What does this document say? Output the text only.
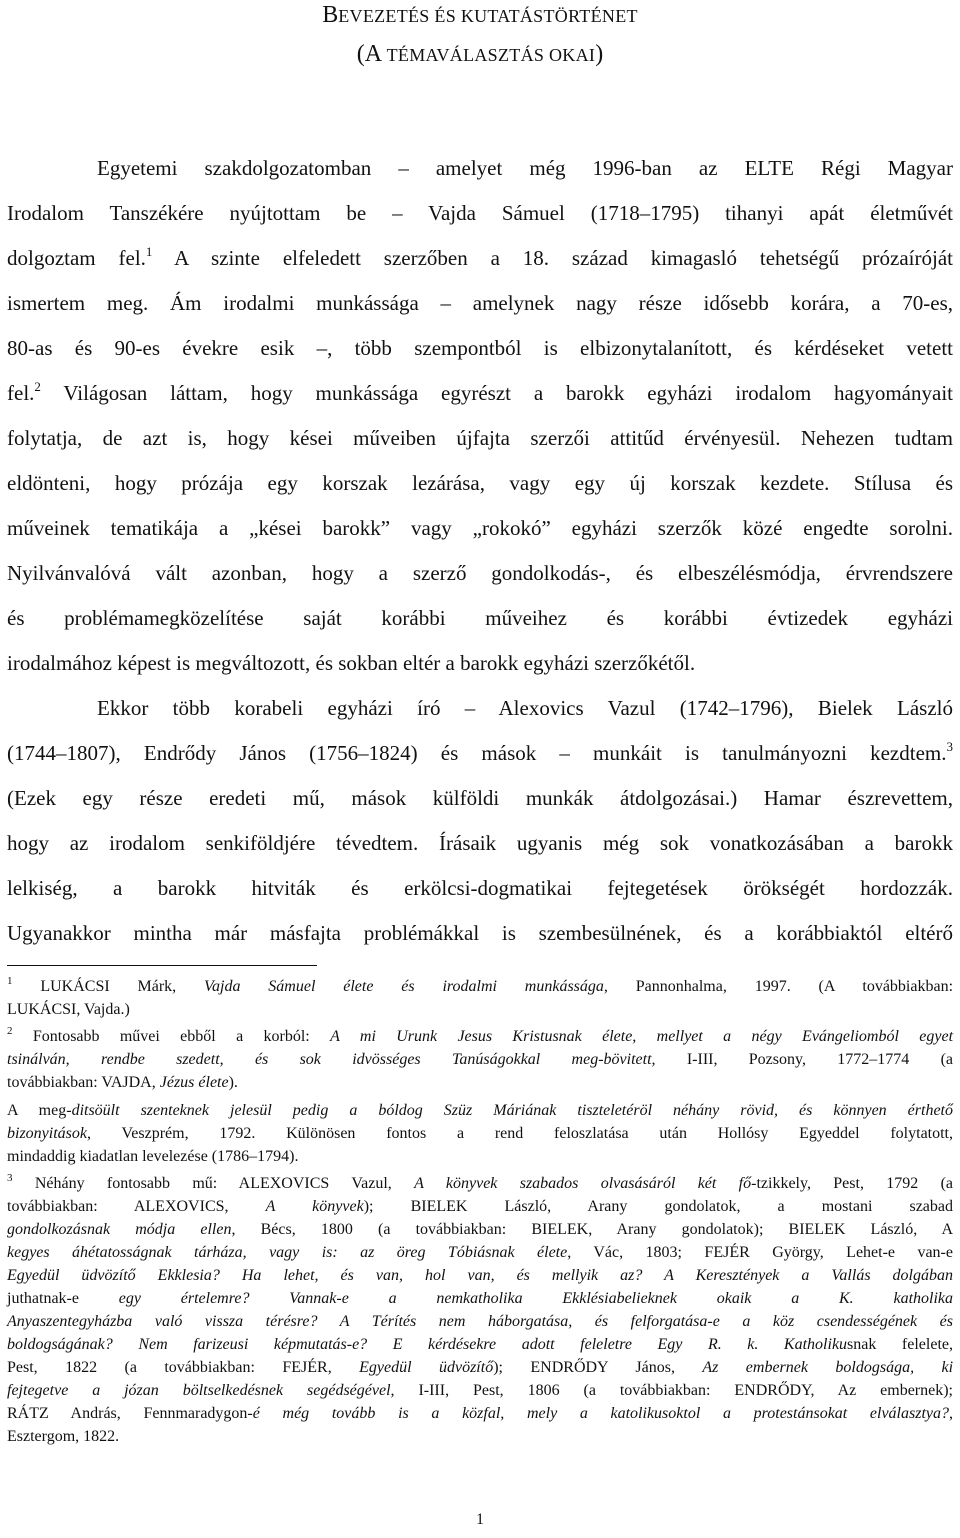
BEVEZETÉS ÉS KUTATÁSTÖRTÉNET
(A TÉMAVÁLASZTÁS OKAI)
Egyetemi szakdolgozatomban – amelyet még 1996-ban az ELTE Régi Magyar
Irodalom Tanszékére nyújtottam be – Vajda Sámuel (1718–1795) tihanyi apát életművét
dolgoztam fel.$^1$ A szinte elfeledett szerzőben a 18. század kimagasló tehetségű prózaíróját
ismertem meg. Ám irodalmi munkássága – amelynek nagy része idősebb korára, a 70-es,
80-as és 90-es évekre esik –, több szempontból is elbizonytalanított, és kérdéseket vetett
fel.$^2$ Világosan láttam, hogy munkássága egyrészt a barokk egyházi irodalom hagyományait
folytatja, de azt is, hogy kései műveiben újfajta szerzői attitűd érvényesül. Nehezen tudtam
eldönteni, hogy prózája egy korszak lezárása, vagy egy új korszak kezdete. Stílusa és
műveinek tematikája a „kései barokk” vagy „rokokó” egyházi szerzők közé engedte sorolni.
Nyilvánvalóvá vált azonban, hogy a szerző gondolkodás-, és elbeszélésmódja, érvrendszere
és problémamegközelítése saját korábbi műveihez és korábbi évtizedek egyházi
irodalmához képest is megváltozott, és sokban eltér a barokk egyházi szerzőkétől.
Ekkor több korabeli egyházi író – Alexovics Vazul (1742–1796), Bielek László
(1744–1807), Endrődy János (1756–1824) és mások – munkáit is tanulmányozni kezdtem.$^3$
(Ezek egy része eredeti mű, mások külföldi munkák átdolgozásai.) Hamar észrevettem,
hogy az irodalom senkiföldjére tévedtem. Írásaik ugyanis még sok vonatkozásában a barokk
lelkiség, a barokk hitviták és erkölcsi-dogmatikai fejtegetések örökségét hordozzák.
Ugyanakkor mintha már másfajta problémákkal is szembesülnének, és a korábbiaktól eltérő
$^1$ LUKÁCSI Márk, Vajda Sámuel élete és irodalmi munkássága, Pannonhalma, 1997. (A továbbiakban:
LUKÁCSI, Vajda.)
$^2$ Fontosabb művei ebből a korból: A mi Urunk Jesus Kristusnak élete, mellyet a négy Evángeliomból egyet
tsinálván, rendbe szedett, és sok idvösséges Tanúságokkal meg-bövitett, I-III, Pozsony, 1772–1774 (a
továbbiakban: VAJDA, Jézus élete).
A meg-ditsöült szenteknek jelesül pedig a bóldog Szüz Máriának tiszteletéröl néhány rövid, és könnyen érthető
bizonyitások, Veszprém, 1792. Különösen fontos a rend feloszlatása után Hollósy Egyeddel folytatott,
mindaddig kiadatlan levelezése (1786–1794).
$^3$ Néhány fontosabb mű: ALEXOVICS Vazul, A könyvek szabados olvasásáról két fő-tzikkely, Pest, 1792 (a
továbbiakban: ALEXOVICS, A könyvek); BIELEK László, Arany gondolatok, a mostani szabad
gondolkozásnak módja ellen, Bécs, 1800 (a továbbiakban: BIELEK, Arany gondolatok); BIELEK László, A
kegyes áhétatosságnak tárháza, vagy is: az öreg Tóbiásnak élete, Vác, 1803; FEJÉR György, Lehet-e van-e
Egyedül üdvözítő Ekklesia? Ha lehet, és van, hol van, és mellyik az? A Keresztények a Vallás dolgában
juthatnak-e egy értelemre? Vannak-e a nemkatholika Ekklésiabelieknek okaik a K. katholika
Anyaszentegyházba való vissza térésre? A Térítés nem háborgatása, és felforgatása-e a köz csendességének és
boldogságának? Nem farizeusi képmutatás-e? E kérdésekre adott feleletre Egy R. k. Katholikusnak felelete,
Pest, 1822 (a továbbiakban: FEJÉR, Egyedül üdvözítő); ENDRŐDY János, Az embernek boldogsága, ki
fejtegetve a józan böltselkedésnek segédségével, I-III, Pest, 1806 (a továbbiakban: ENDRŐDY, Az embernek);
RÁTZ András, Fennmaradygon-é még tovább is a közfal, mely a katolikusoktol a protestánsokat elválasztya?,
Esztergom, 1822.
1
